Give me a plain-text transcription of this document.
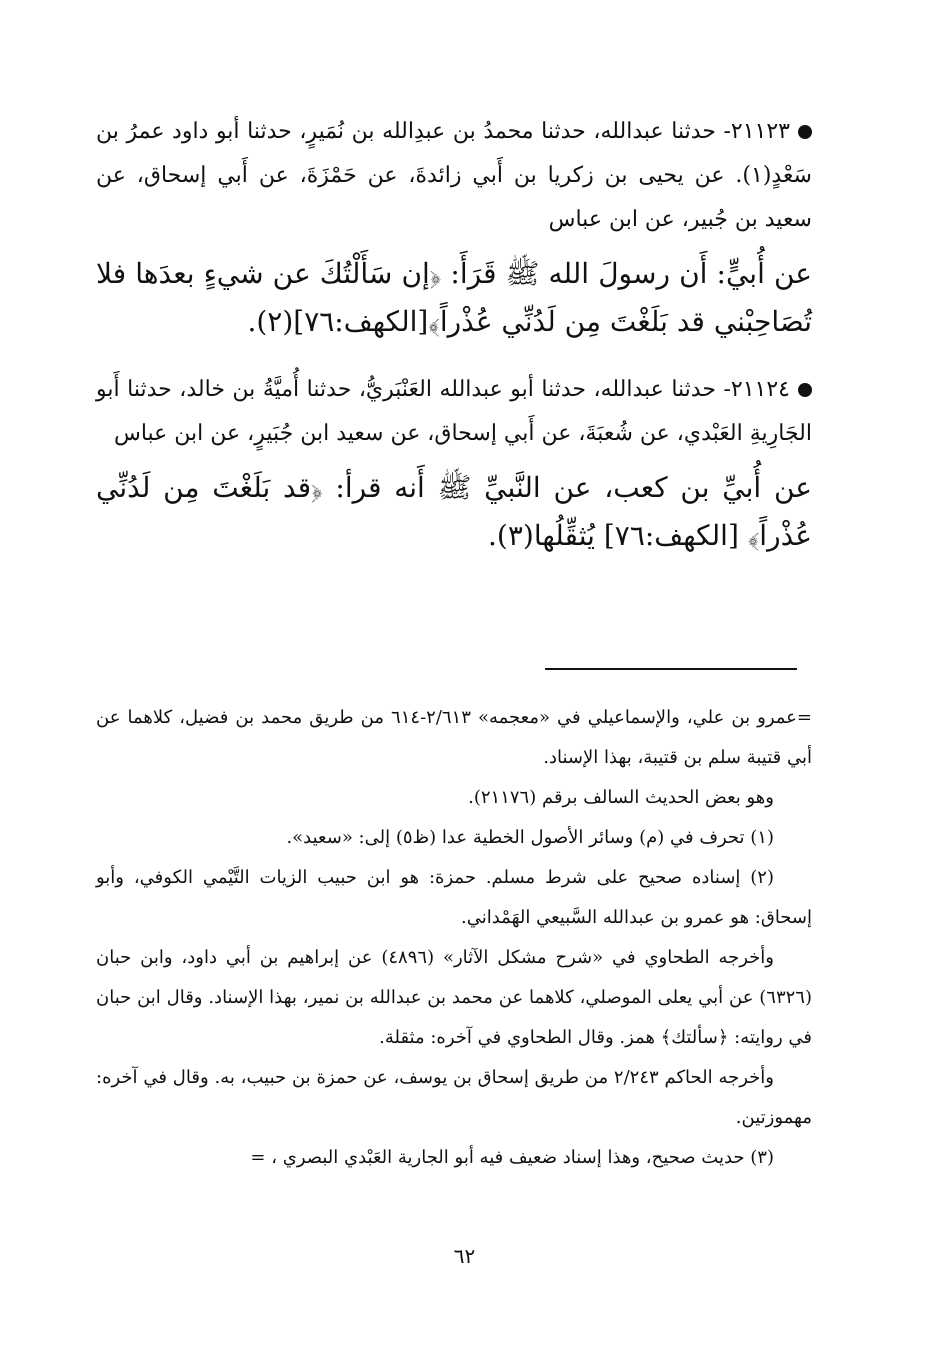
٢١١٢٣- حدثنا عبدالله، حدثنا محمدُ بن عبدِالله بن نُمَيرٍ، حدثنا أبو داود عمرُ بن سَعْدٍ(١). عن يحيى بن زكريا بن أَبي زائدةَ، عن حَمْزَةَ، عن أَبي إسحاق، عن سعيد بن جُبير، عن ابن عباس

عن أُبيٍّ: أَن رسولَ الله ﷺ قَرَأَ: ﴿إن سَأَلْتُكَ عن شيءٍ بعدَها فلا تُصَاحِبْني قد بَلَغْتَ مِن لَدُنِّي عُذْراً﴾[الكهف:٧٦](٢).

٢١١٢٤- حدثنا عبدالله، حدثنا أبو عبدالله العَنْبَريُّ، حدثنا أُميَّةُ بن خالد، حدثنا أَبو الجَارِيةِ العَبْدي، عن شُعبَةَ، عن أَبي إسحاق، عن سعيد ابن جُبَيرٍ، عن ابن عباس

عن أُبيِّ بن كعب، عن النَّبيِّ ﷺ أَنه قرأ: ﴿قد بَلَغْتَ مِن لَدُنِّي عُذْراً﴾ [الكهف:٧٦] يُثقِّلُها(٣).

=عمرو بن علي، والإسماعيلي في «معجمه» ٢/٦١٣-٦١٤ من طريق محمد بن فضيل، كلاهما عن أبي قتيبة سلم بن قتيبة، بهذا الإسناد.

وهو بعض الحديث السالف برقم (٢١١٧٦).

(١) تحرف في (م) وسائر الأصول الخطية عدا (ظ٥) إلى: «سعيد».

(٢) إسناده صحيح على شرط مسلم. حمزة: هو ابن حبيب الزيات التَّيْمي الكوفي، وأبو إسحاق: هو عمرو بن عبدالله السَّبيعي الهَمْداني.

وأخرجه الطحاوي في «شرح مشكل الآثار» (٤٨٩٦) عن إبراهيم بن أبي داود، وابن حبان (٦٣٢٦) عن أبي يعلى الموصلي، كلاهما عن محمد بن عبدالله بن نمير، بهذا الإسناد. وقال ابن حبان في روايته: ﴿سألتك﴾ همز. وقال الطحاوي في آخره: مثقلة.

وأخرجه الحاكم ٢/٢٤٣ من طريق إسحاق بن يوسف، عن حمزة بن حبيب، به. وقال في آخره: مهموزتين.

(٣) حديث صحيح، وهذا إسناد ضعيف فيه أبو الجارية العَبْدي البصري ، =

٦٢
